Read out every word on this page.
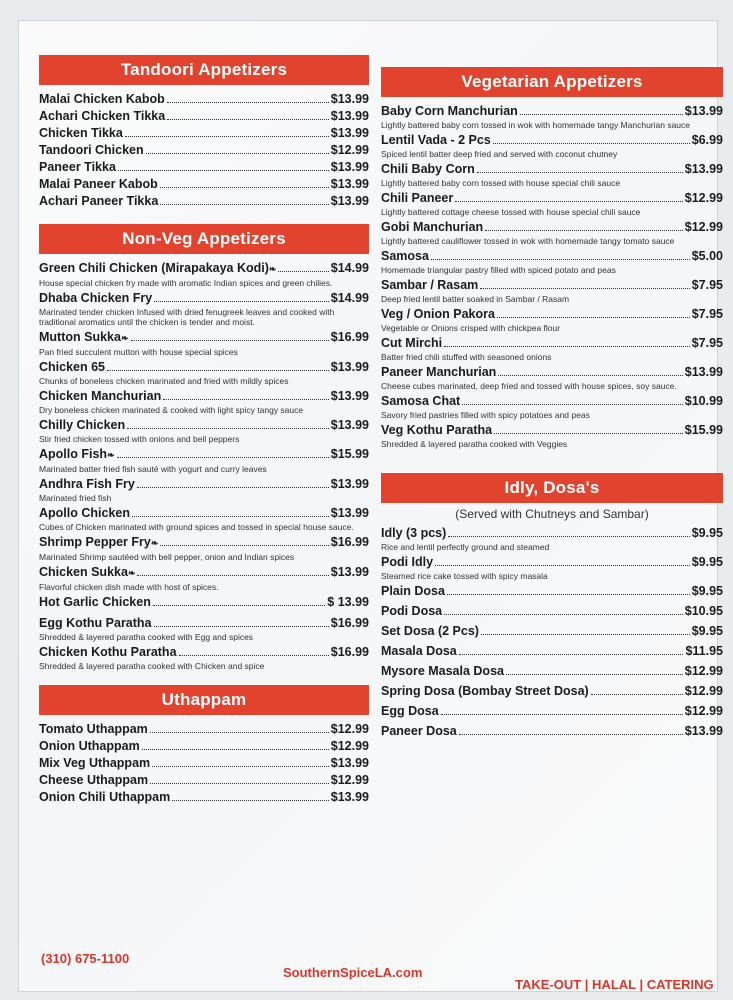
Tandoori Appetizers
Malai Chicken Kabob	$13.99
Achari Chicken Tikka	$13.99
Chicken Tikka	$13.99
Tandoori Chicken	$12.99
Paneer Tikka	$13.99
Malai Paneer Kabob	$13.99
Achari Paneer Tikka	$13.99
Non-Veg Appetizers
Green Chili Chicken (Mirapakaya Kodi) ❧	$14.99
House special chicken fry made with aromatic Indian spices and green chilies.
Dhaba Chicken Fry	$14.99
Marinated tender chicken Infused with dried fenugreek leaves and cooked with traditional aromatics until the chicken is tender and moist.
Mutton Sukka ❧	$16.99
Pan fried succulent mutton with house special spices
Chicken 65	$13.99
Chunks of boneless chicken marinated and fried with mildly spices
Chicken Manchurian	$13.99
Dry boneless chicken marinated & cooked with light spicy tangy sauce
Chilly Chicken	$13.99
Stir fried chicken tossed with onions and bell peppers
Apollo Fish ❧	$15.99
Marinated batter fried fish sauté with yogurt and curry leaves
Andhra Fish Fry	$13.99
Marinated fried fish
Apollo Chicken	$13.99
Cubes of Chicken marinated with ground spices and tossed in special house sauce.
Shrimp Pepper Fry ❧	$16.99
Marinated Shrimp sautéed with bell pepper, onion and Indian spices
Chicken Sukka ❧	$13.99
Flavorful chicken dish made with host of spices.
Hot Garlic Chicken	$ 13.99
Egg Kothu Paratha	$16.99
Shredded & layered paratha cooked with Egg and spices
Chicken Kothu Paratha	$16.99
Shredded & layered paratha cooked with Chicken and spice
Uthappam
Tomato Uthappam	$12.99
Onion Uthappam	$12.99
Mix Veg Uthappam	$13.99
Cheese Uthappam	$12.99
Onion Chili Uthappam	$13.99
Vegetarian Appetizers
Baby Corn Manchurian	$13.99
Lightly battered baby corn tossed in wok with homemade tangy Manchurian sauce
Lentil Vada - 2 Pcs	$6.99
Spiced lentil batter deep fried and served with coconut chutney
Chili Baby Corn	$13.99
Lightly battered baby corn tossed with house special chili sauce
Chili Paneer	$12.99
Lightly battered cottage cheese tossed with house special chili sauce
Gobi Manchurian	$12.99
Lightly battered cauliflower tossed in wok with homemade tangy tomato sauce
Samosa	$5.00
Homemade triangular pastry filled with spiced potato and peas
Sambar / Rasam	$7.95
Deep fried lentil batter soaked in Sambar / Rasam
Veg / Onion Pakora	$7.95
Vegetable or Onions crisped with chickpea flour
Cut Mirchi	$7.95
Batter fried chili stuffed with seasoned onions
Paneer Manchurian	$13.99
Cheese cubes marinated, deep fried and tossed with house spices, soy sauce.
Samosa Chat	$10.99
Savory fried pastries filled with spicy potatoes and peas
Veg Kothu Paratha	$15.99
Shredded & layered paratha cooked with Veggies
Idly, Dosa's
(Served with Chutneys and Sambar)
Idly (3 pcs)	$9.95
Rice and lentil perfectly ground and steamed
Podi Idly	$9.95
Steamed rice cake tossed with spicy masala
Plain Dosa	$9.95
Podi Dosa	$10.95
Set Dosa (2 Pcs)	$9.95
Masala Dosa	$11.95
Mysore Masala Dosa	$12.99
Spring Dosa (Bombay Street Dosa)	$12.99
Egg Dosa	$12.99
Paneer Dosa	$13.99
(310) 675-1100
SouthernSpiceLA.com
TAKE-OUT | HALAL | CATERING
